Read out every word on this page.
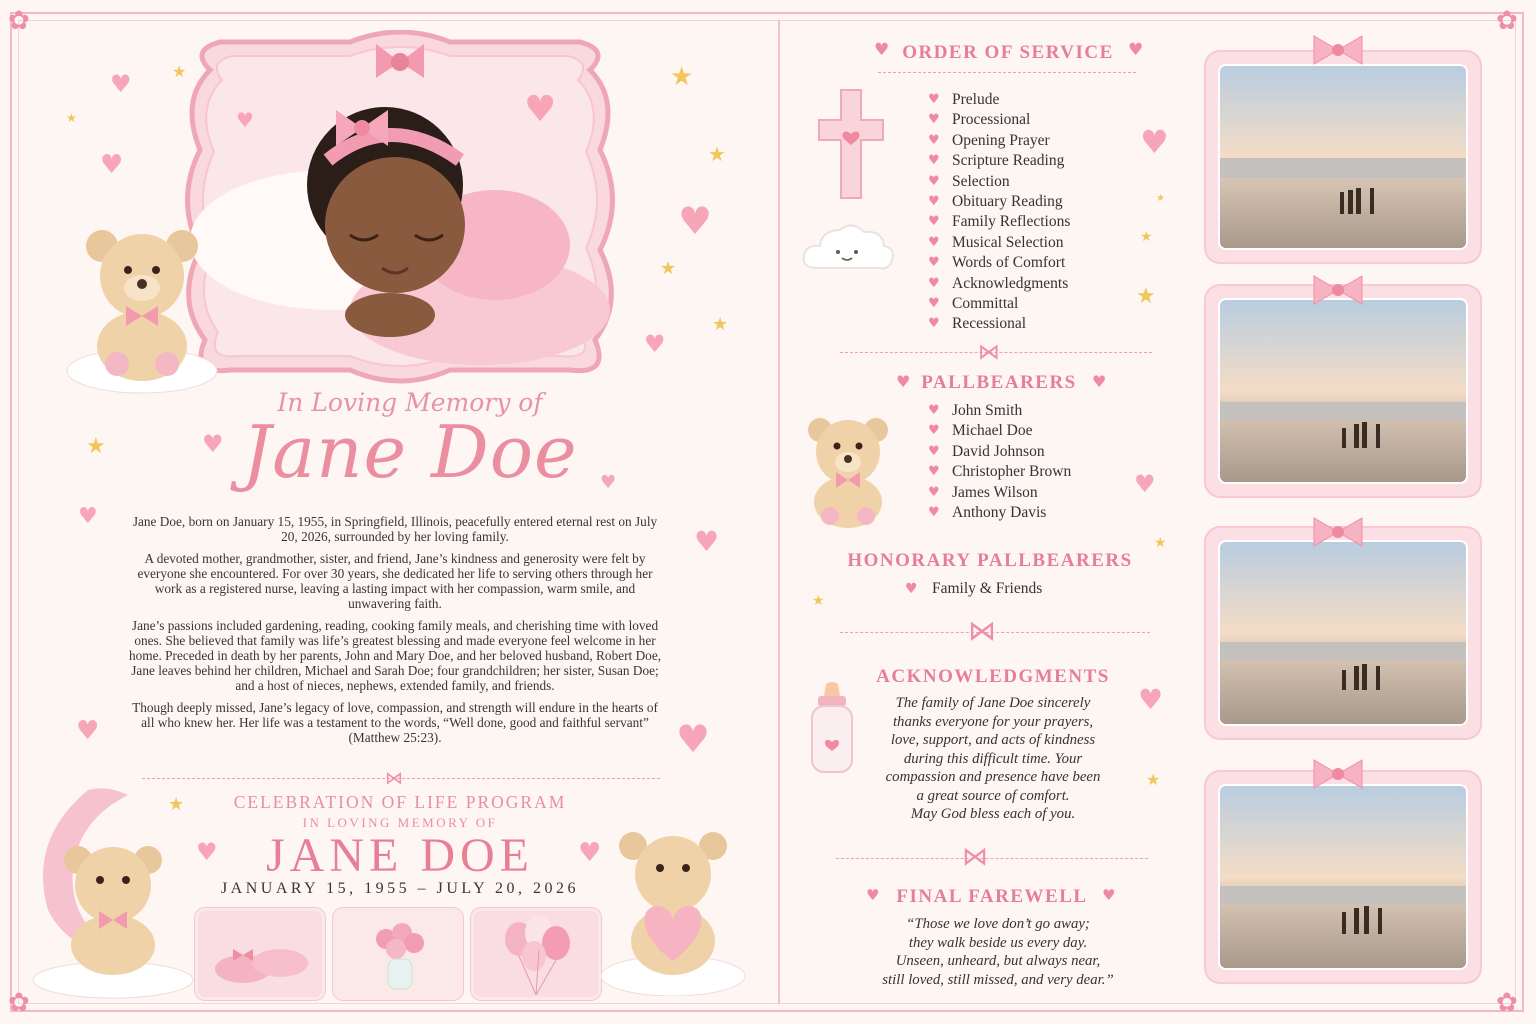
✿	✿
✿	✿
In Loving Memory of
Jane Doe

Jane Doe, born on January 15, 1955, in Springfield, Illinois, peacefully entered eternal rest on July 20, 2026, surrounded by her loving family.

A devoted mother, grandmother, sister, and friend, Jane’s kindness and generosity were felt by everyone she encountered. For over 30 years, she dedicated her life to serving others through her work as a registered nurse, leaving a lasting impact with her compassion, warm smile, and unwavering faith.

Jane’s passions included gardening, reading, cooking family meals, and cherishing time with loved ones. She believed that family was life’s greatest blessing and made everyone feel welcome in her home. Preceded in death by her parents, John and Mary Doe, and her beloved husband, Robert Doe, Jane leaves behind her children, Michael and Sarah Doe; four grandchildren; her sister, Susan Doe; and a host of nieces, nephews, extended family, and friends.

Though deeply missed, Jane’s legacy of love, compassion, and strength will endure in the hearts of all who knew her. Her life was a testament to the words, “Well done, good and faithful servant” (Matthew 25:23).

⋈
CELEBRATION OF LIFE PROGRAM
IN LOVING MEMORY OF
JANE DOE
JANUARY 15, 1955 – JULY 20, 2026
♥
♥
♥
♥
♥
♥
♥
♥
♥	♥
♥	♥
♥
♥
★	★
★
★
★
★
★
★
♥ ORDER OF SERVICE ♥
♥ Prelude
♥ Processional
♥ Opening Prayer
♥ Scripture Reading
♥ Selection
♥ Obituary Reading
♥ Family Reflections
♥ Musical Selection
♥ Words of Comfort
♥ Acknowledgments
♥ Committal
♥ Recessional
⋈
♥ PALLBEARERS ♥
♥ John Smith
♥ Michael Doe
♥ David Johnson
♥ Christopher Brown
♥ James Wilson
♥ Anthony Davis
HONORARY PALLBEARERS
♥ Family & Friends
⋈
ACKNOWLEDGMENTS
The family of Jane Doe sincerely
thanks everyone for your prayers,
love, support, and acts of kindness
during this difficult time. Your
compassion and presence have been
a great source of comfort.
May God bless each of you.
⋈
♥ FINAL FAREWELL ♥
“Those we love don’t go away;
they walk beside us every day.
Unseen, unheard, but always near,
still loved, still missed, and very dear.”
♥
♥
♥
★
★
★
★
★
★
